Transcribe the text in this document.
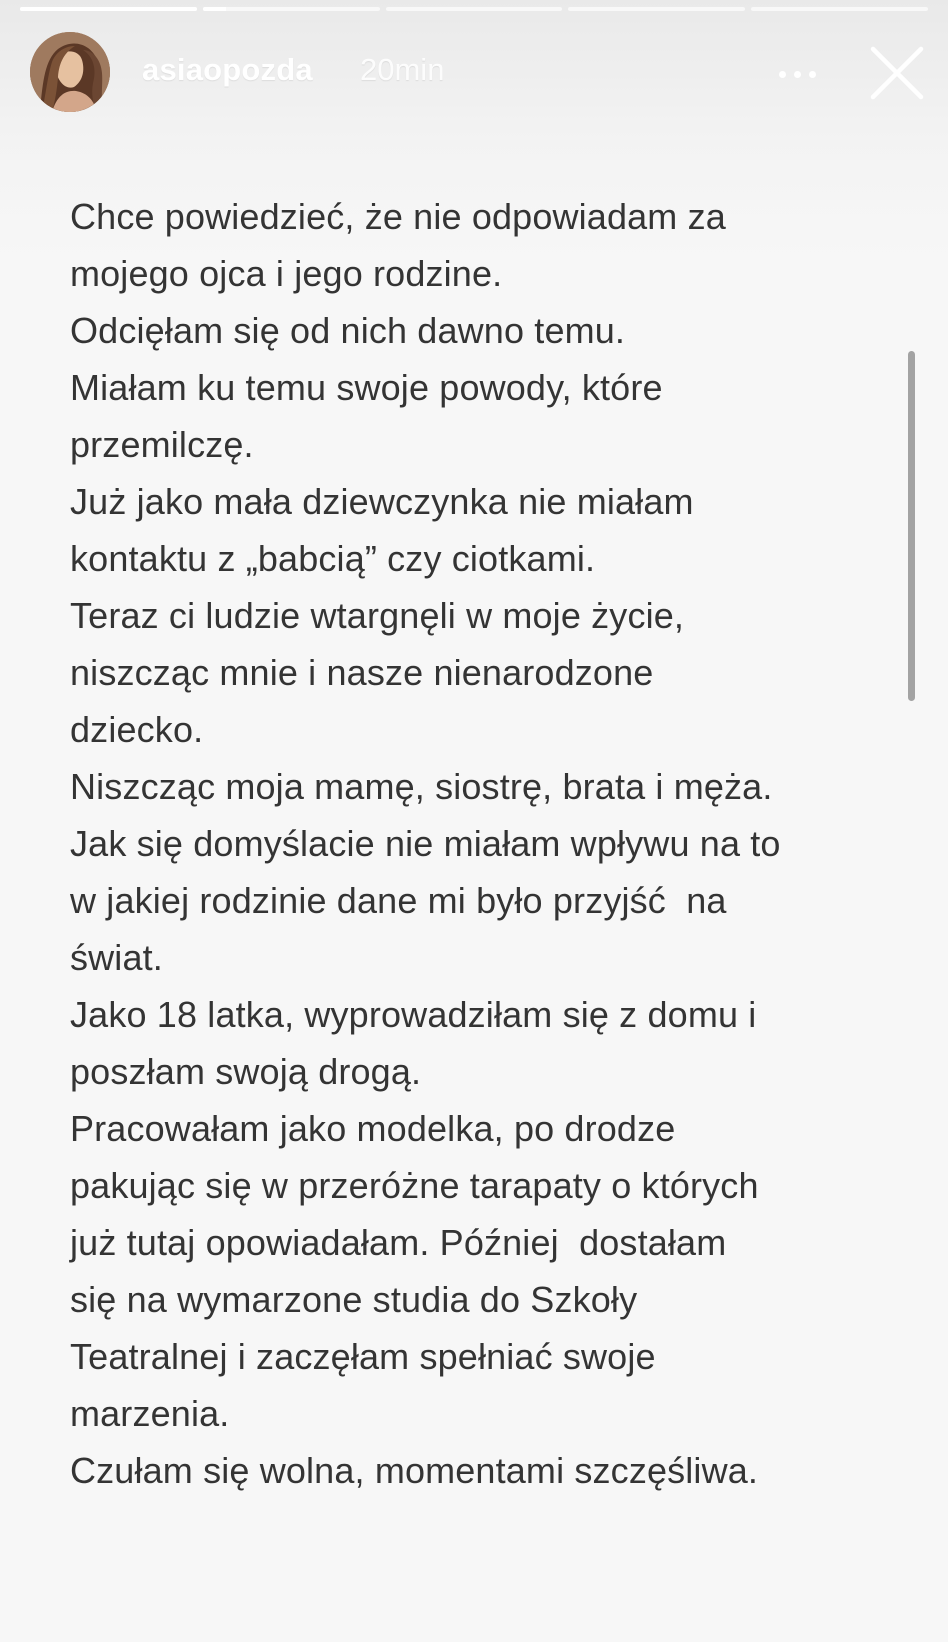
asiaopozda 20min
Chce powiedzieć, że nie odpowiadam za
mojego ojca i jego rodzine.
Odcięłam się od nich dawno temu.
Miałam ku temu swoje powody, które
przemilczę.
Już jako mała dziewczynka nie miałam
kontaktu z „babcią” czy ciotkami.
Teraz ci ludzie wtargnęli w moje życie,
niszcząc mnie i nasze nienarodzone
dziecko.
Niszcząc moja mamę, siostrę, brata i męża.
Jak się domyślacie nie miałam wpływu na to
w jakiej rodzinie dane mi było przyjść  na
świat.
Jako 18 latka, wyprowadziłam się z domu i
poszłam swoją drogą.
Pracowałam jako modelka, po drodze
pakując się w przeróżne tarapaty o których
już tutaj opowiadałam. Później  dostałam
się na wymarzone studia do Szkoły
Teatralnej i zaczęłam spełniać swoje
marzenia.
Czułam się wolna, momentami szczęśliwa.
